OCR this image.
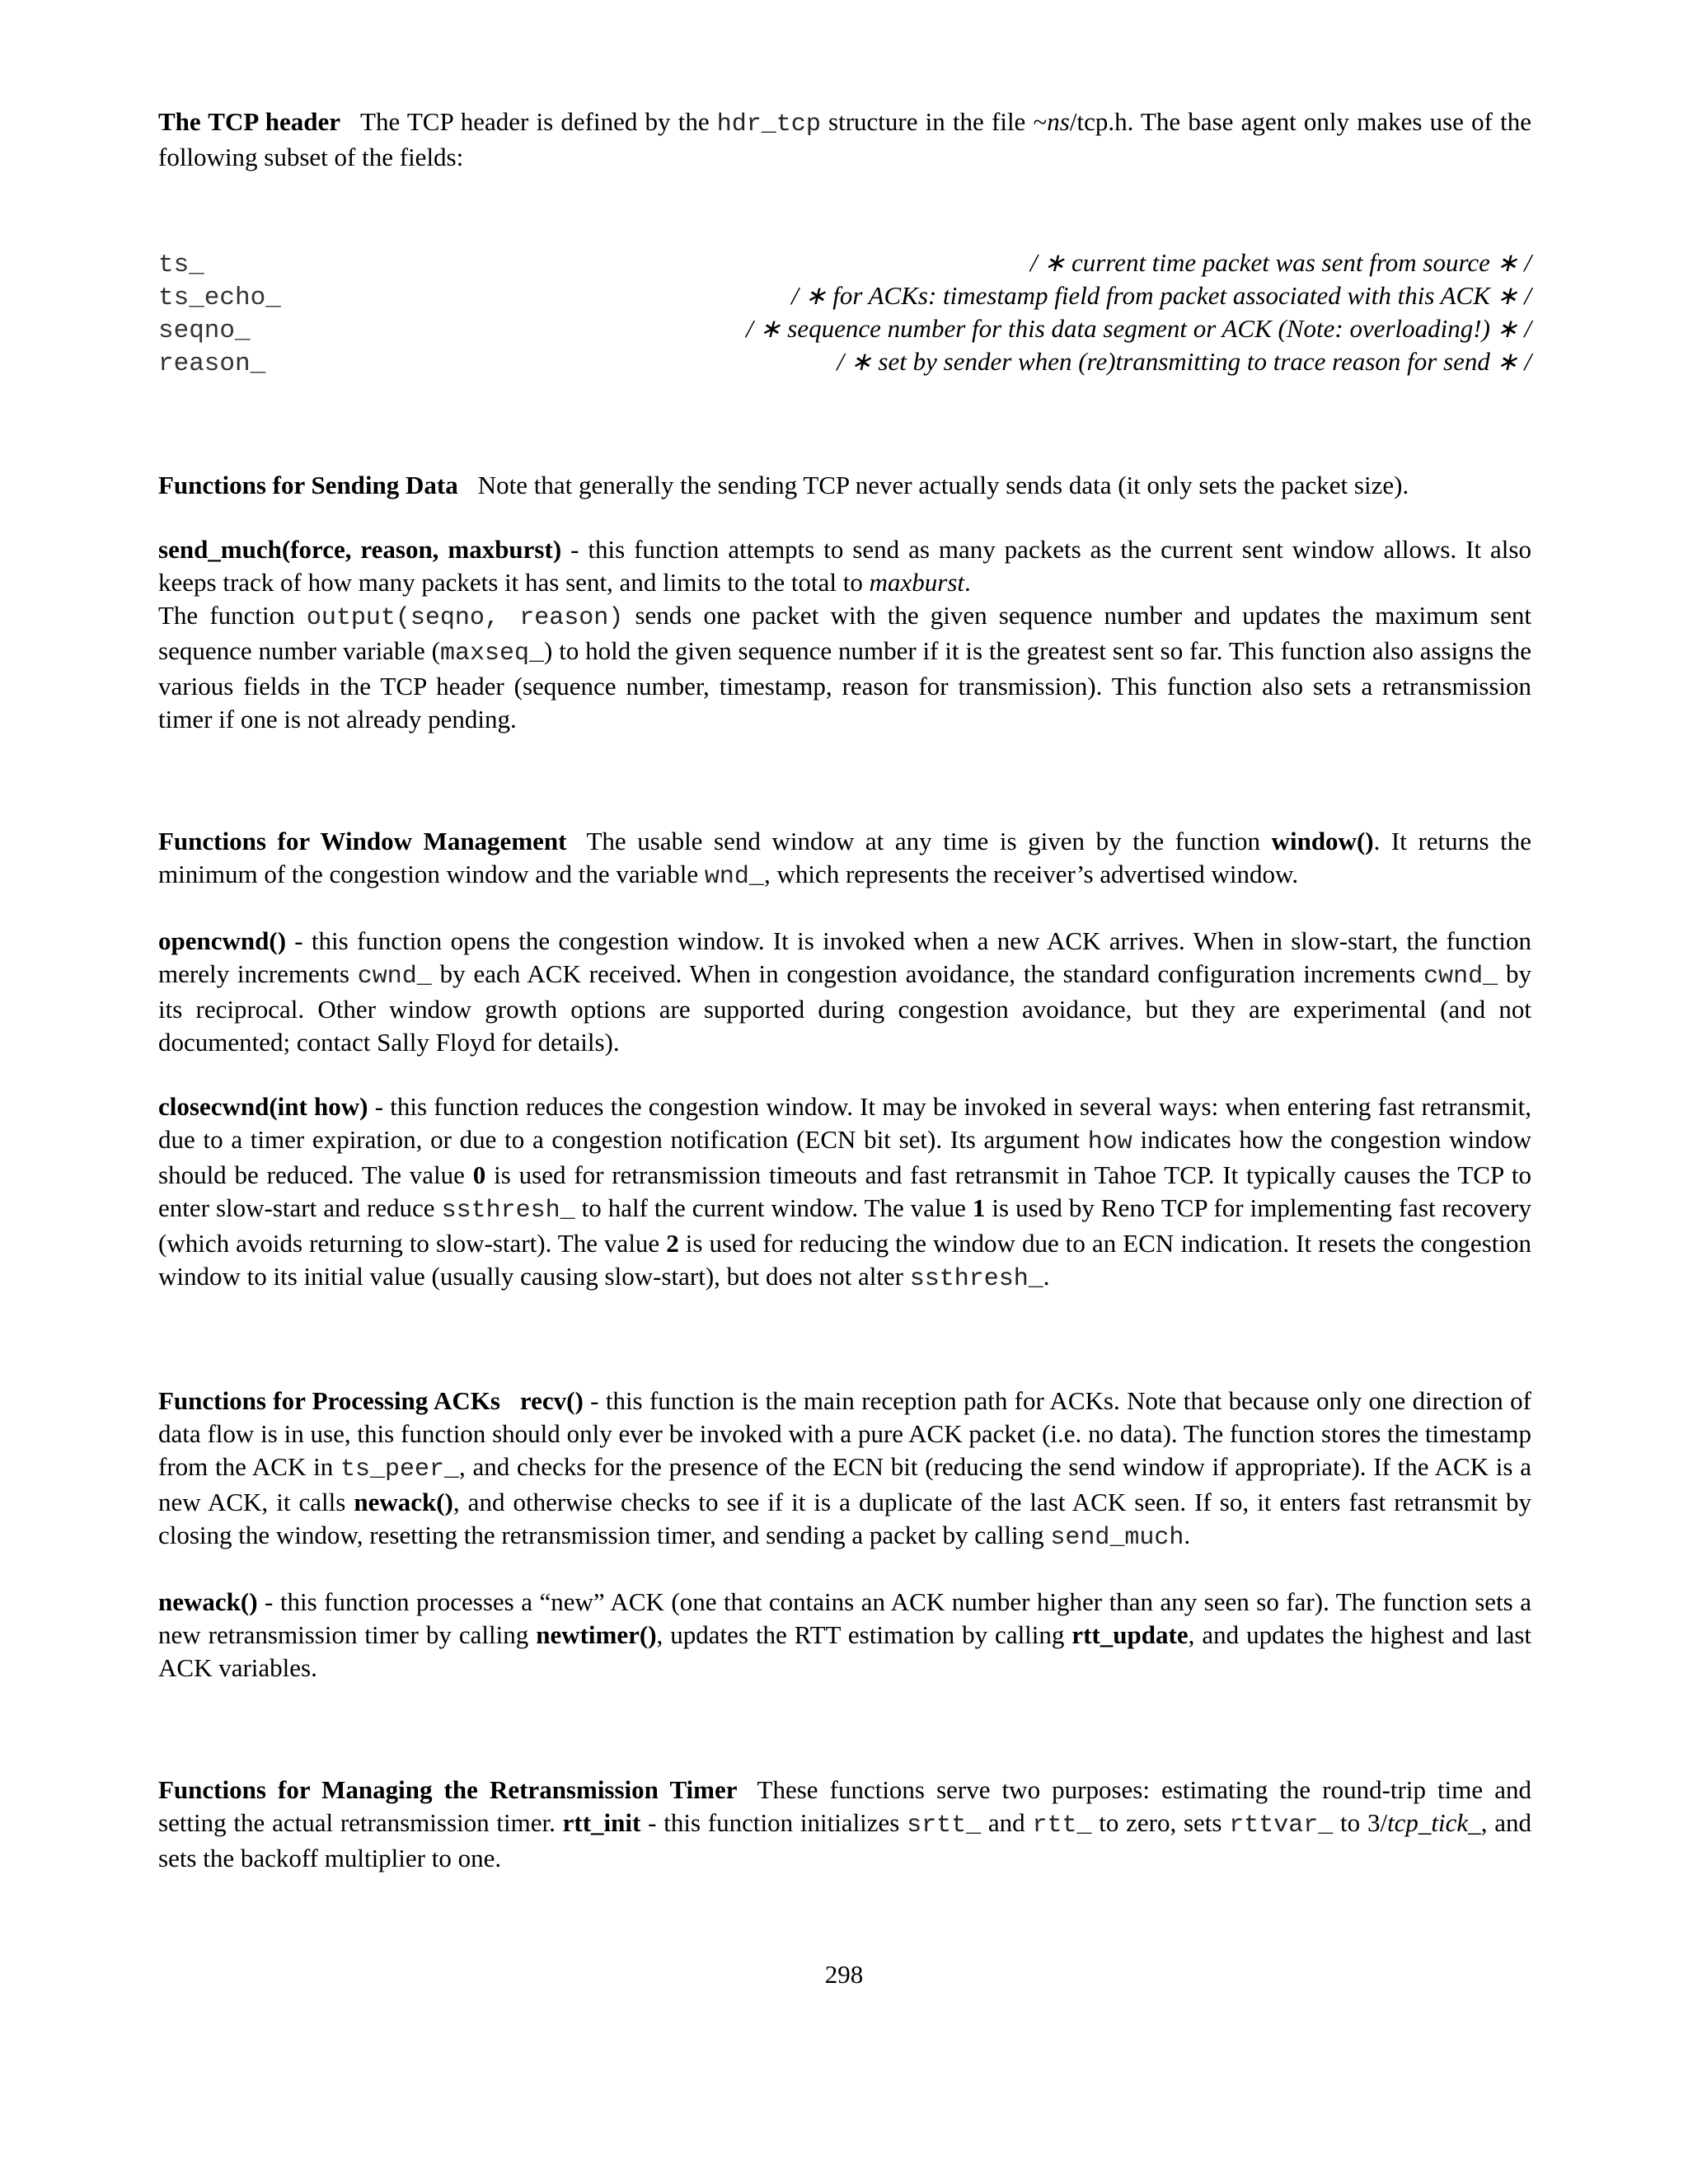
The TCP header The TCP header is defined by the hdr_tcp structure in the file ~ns/tcp.h. The base agent only makes use of the following subset of the fields:

ts_	/ ∗ current time packet was sent from source ∗ /
ts_echo_	/ ∗ for ACKs: timestamp field from packet associated with this ACK ∗ /
seqno_	/ ∗ sequence number for this data segment or ACK (Note: overloading!) ∗ /
reason_	/ ∗ set by sender when (re)transmitting to trace reason for send ∗ /

Functions for Sending Data Note that generally the sending TCP never actually sends data (it only sets the packet size).

send_much(force, reason, maxburst) - this function attempts to send as many packets as the current sent window allows. It also keeps track of how many packets it has sent, and limits to the total to maxburst.
The function output(seqno, reason) sends one packet with the given sequence number and updates the maximum sent sequence number variable (maxseq_) to hold the given sequence number if it is the greatest sent so far. This function also assigns the various fields in the TCP header (sequence number, timestamp, reason for transmission). This function also sets a retransmission timer if one is not already pending.

Functions for Window Management The usable send window at any time is given by the function window(). It returns the minimum of the congestion window and the variable wnd_, which represents the receiver’s advertised window.

opencwnd() - this function opens the congestion window. It is invoked when a new ACK arrives. When in slow-start, the function merely increments cwnd_ by each ACK received. When in congestion avoidance, the standard configuration increments cwnd_ by its reciprocal. Other window growth options are supported during congestion avoidance, but they are experimental (and not documented; contact Sally Floyd for details).

closecwnd(int how) - this function reduces the congestion window. It may be invoked in several ways: when entering fast retransmit, due to a timer expiration, or due to a congestion notification (ECN bit set). Its argument how indicates how the congestion window should be reduced. The value 0 is used for retransmission timeouts and fast retransmit in Tahoe TCP. It typically causes the TCP to enter slow-start and reduce ssthresh_ to half the current window. The value 1 is used by Reno TCP for implementing fast recovery (which avoids returning to slow-start). The value 2 is used for reducing the window due to an ECN indication. It resets the congestion window to its initial value (usually causing slow-start), but does not alter ssthresh_.

Functions for Processing ACKs recv() - this function is the main reception path for ACKs. Note that because only one direction of data flow is in use, this function should only ever be invoked with a pure ACK packet (i.e. no data). The function stores the timestamp from the ACK in ts_peer_, and checks for the presence of the ECN bit (reducing the send window if appropriate). If the ACK is a new ACK, it calls newack(), and otherwise checks to see if it is a duplicate of the last ACK seen. If so, it enters fast retransmit by closing the window, resetting the retransmission timer, and sending a packet by calling send_much.

newack() - this function processes a “new” ACK (one that contains an ACK number higher than any seen so far). The function sets a new retransmission timer by calling newtimer(), updates the RTT estimation by calling rtt_update, and updates the highest and last ACK variables.

Functions for Managing the Retransmission Timer These functions serve two purposes: estimating the round-trip time and setting the actual retransmission timer. rtt_init - this function initializes srtt_ and rtt_ to zero, sets rttvar_ to 3/tcp_tick_, and sets the backoff multiplier to one.

298
